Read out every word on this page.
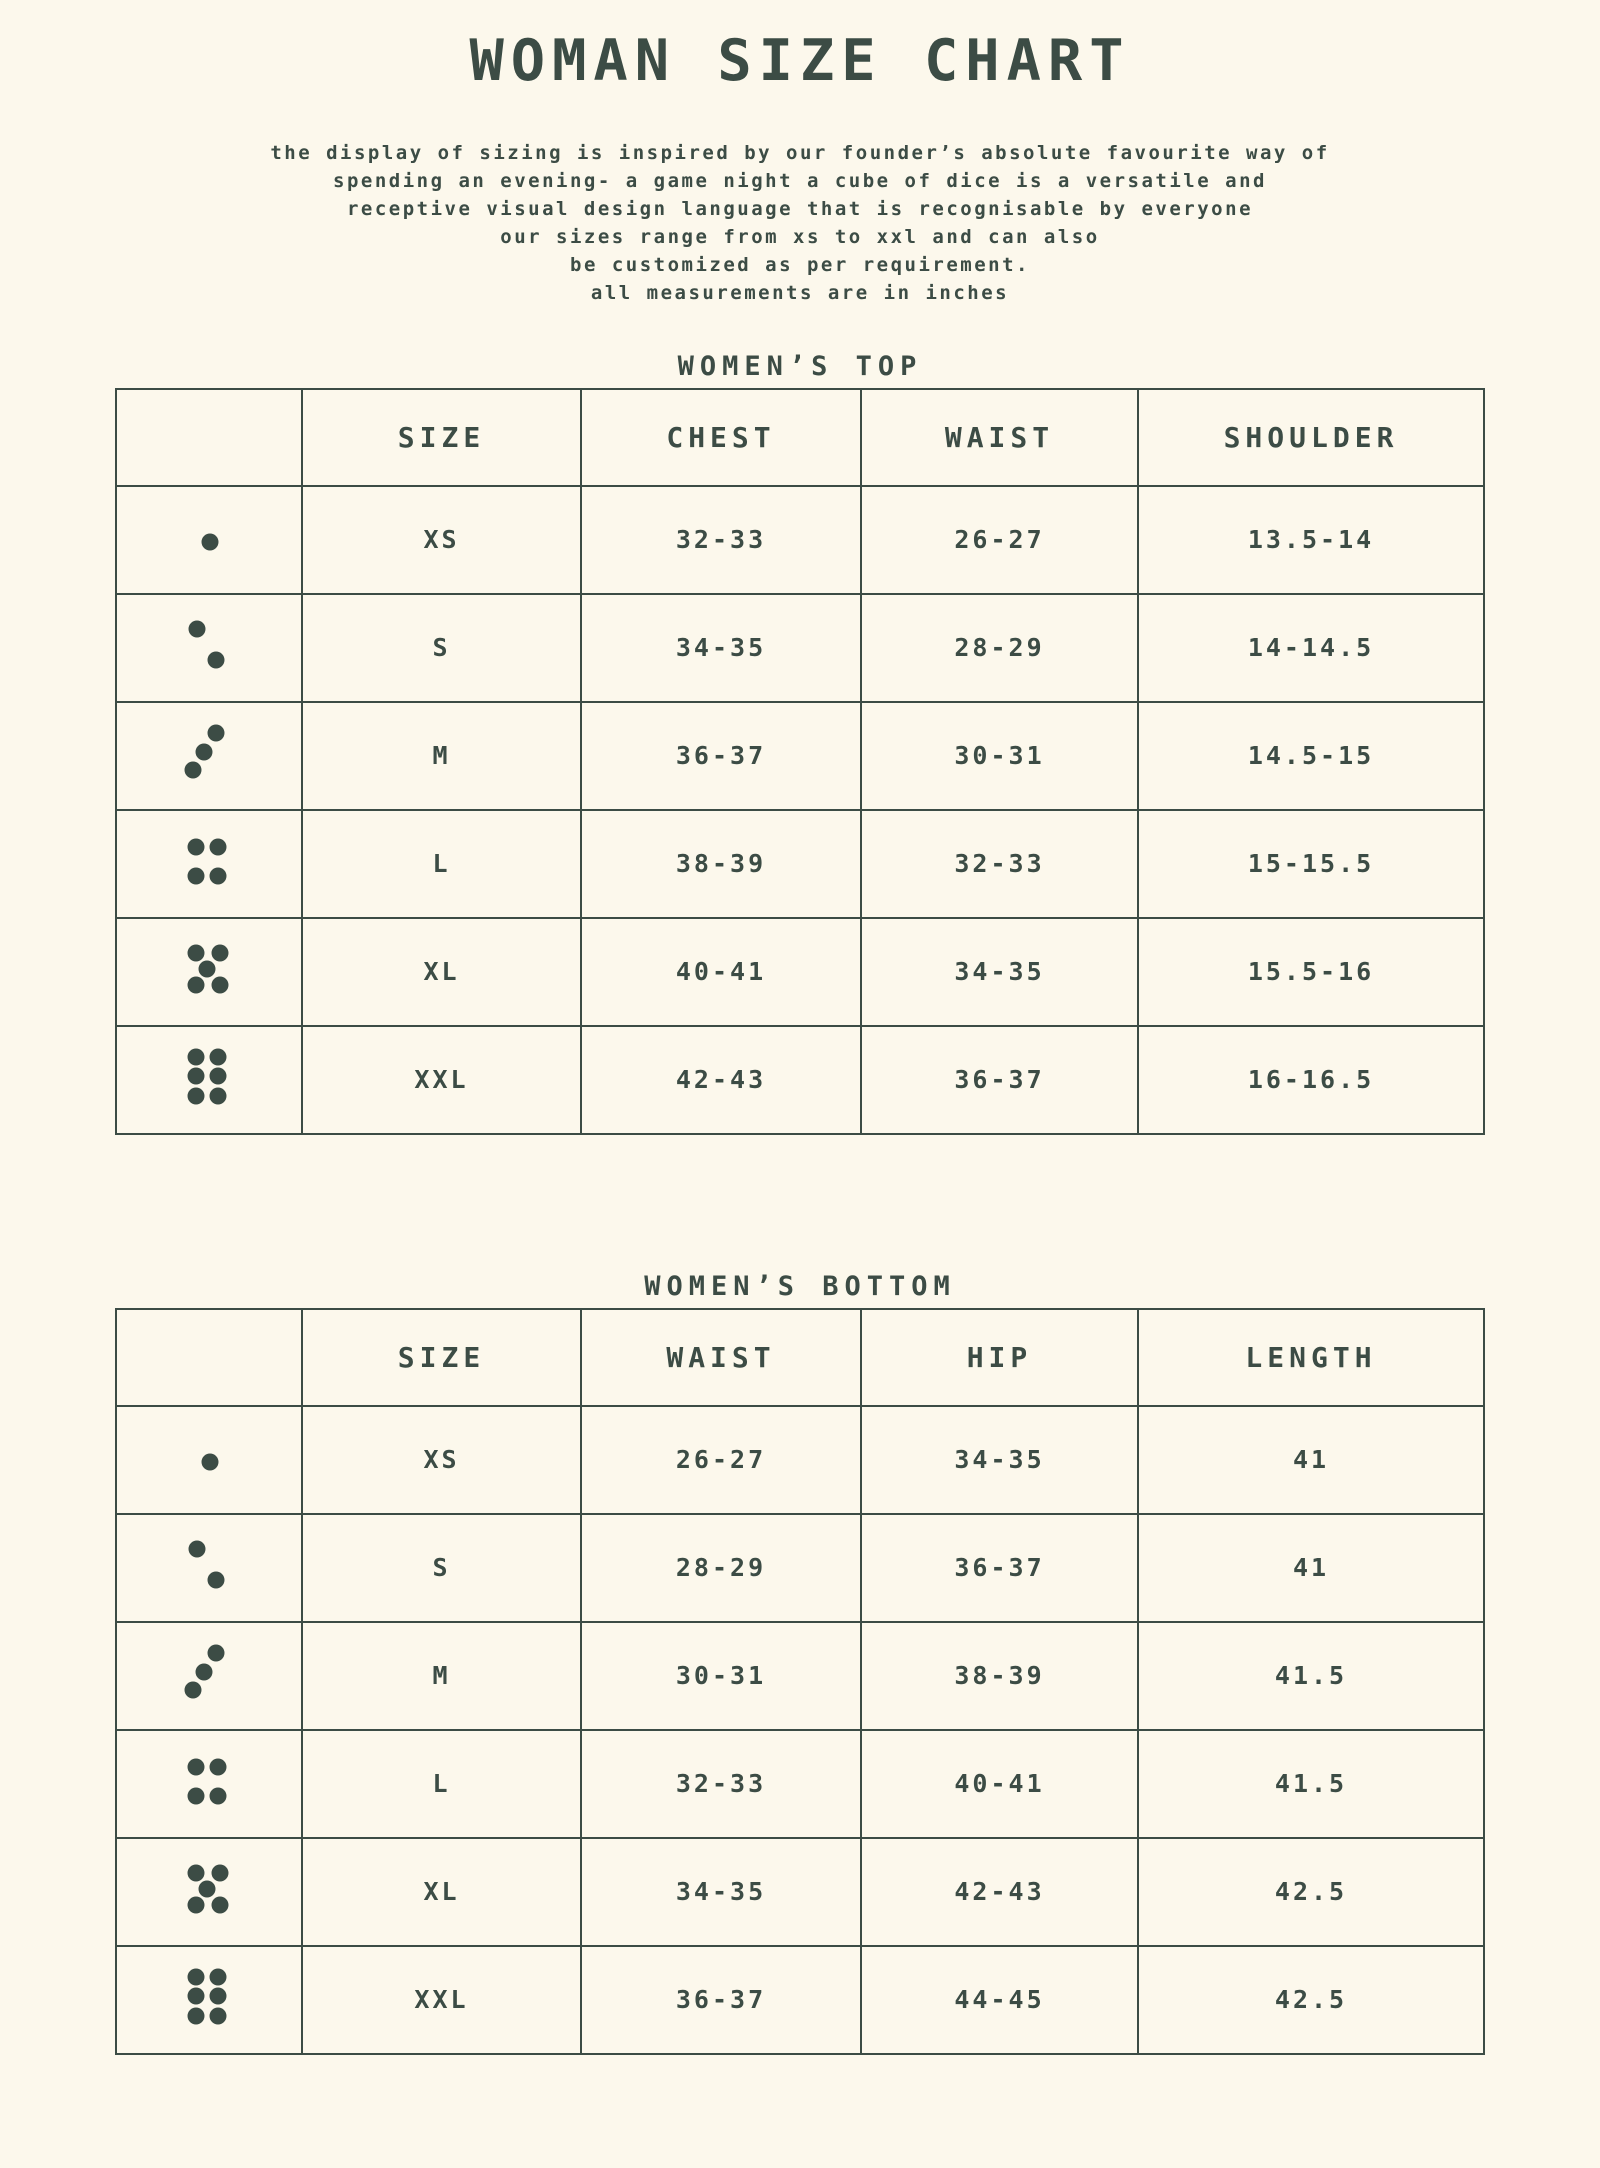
WOMAN SIZE CHART
the display of sizing is inspired by our founder’s absolute favourite way of
spending an evening- a game night a cube of dice is a versatile and
receptive visual design language that is recognisable by everyone
our sizes range from xs to xxl and can also
be customized as per requirement.
all measurements are in inches
WOMEN’S TOP
	SIZE	CHEST	WAIST	SHOULDER

	XS	32-33	26-27	13.5-14

	S	34-35	28-29	14-14.5

	M	36-37	30-31	14.5-15

	L	38-39	32-33	15-15.5

	XL	40-41	34-35	15.5-16

	XXL	42-43	36-37	16-16.5
WOMEN’S BOTTOM
	SIZE	WAIST	HIP	LENGTH

	XS	26-27	34-35	41

	S	28-29	36-37	41

	M	30-31	38-39	41.5

	L	32-33	40-41	41.5

	XL	34-35	42-43	42.5

	XXL	36-37	44-45	42.5
